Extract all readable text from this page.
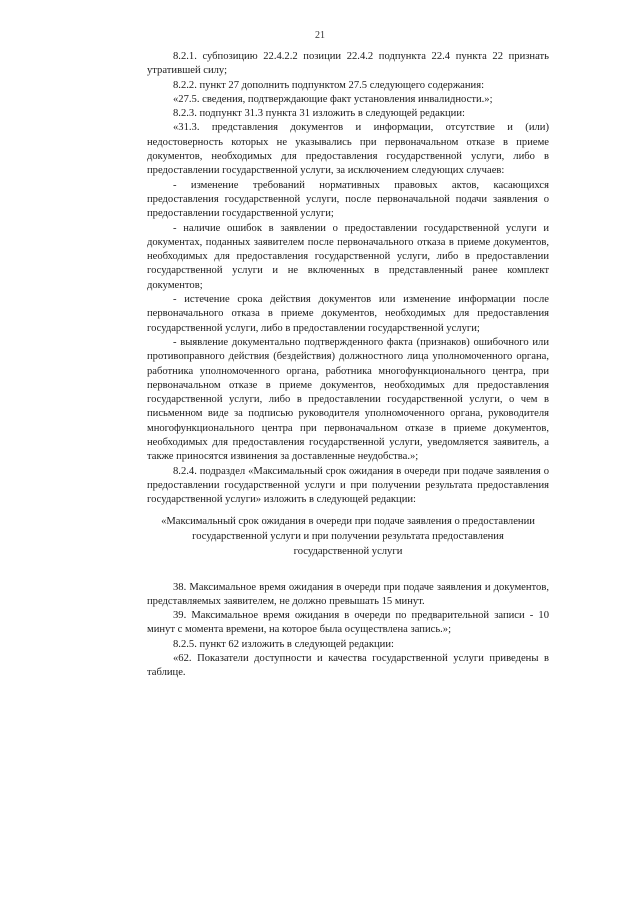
21

8.2.1. субпозицию 22.4.2.2 позиции 22.4.2 подпункта 22.4 пункта 22 признать утратившей силу;

8.2.2. пункт 27 дополнить подпунктом 27.5 следующего содержания:

«27.5. сведения, подтверждающие факт установления инвалидности.»;

8.2.3. подпункт 31.3 пункта 31 изложить в следующей редакции:

«31.3. представления документов и информации, отсутствие и (или) недостоверность которых не указывались при первоначальном отказе в приеме документов, необходимых для предоставления государственной услуги, либо в предоставлении государственной услуги, за исключением следующих случаев:

- изменение требований нормативных правовых актов, касающихся предоставления государственной услуги, после первоначальной подачи заявления о предоставлении государственной услуги;

- наличие ошибок в заявлении о предоставлении государственной услуги и документах, поданных заявителем после первоначального отказа в приеме документов, необходимых для предоставления государственной услуги, либо в предоставлении государственной услуги и не включенных в представленный ранее комплект документов;

- истечение срока действия документов или изменение информации после первоначального отказа в приеме документов, необходимых для предоставления государственной услуги, либо в предоставлении государственной услуги;

- выявление документально подтвержденного факта (признаков) ошибочного или противоправного действия (бездействия) должностного лица уполномоченного органа, работника уполномоченного органа, работника многофункционального центра, при первоначальном отказе в приеме документов, необходимых для предоставления государственной услуги, либо в предоставлении государственной услуги, о чем в письменном виде за подписью руководителя уполномоченного органа, руководителя многофункционального центра при первоначальном отказе в приеме документов, необходимых для предоставления государственной услуги, уведомляется заявитель, а также приносятся извинения за доставленные неудобства.»;

8.2.4. подраздел «Максимальный срок ожидания в очереди при подаче заявления о предоставлении государственной услуги и при получении результата предоставления государственной услуги» изложить в следующей редакции:

«Максимальный срок ожидания в очереди при подаче заявления о предоставлении государственной услуги и при получении результата предоставления государственной услуги

38. Максимальное время ожидания в очереди при подаче заявления и документов, представляемых заявителем, не должно превышать 15 минут.

39. Максимальное время ожидания в очереди по предварительной записи - 10 минут с момента времени, на которое была осуществлена запись.»;

8.2.5. пункт 62 изложить в следующей редакции:

«62. Показатели доступности и качества государственной услуги приведены в таблице.
